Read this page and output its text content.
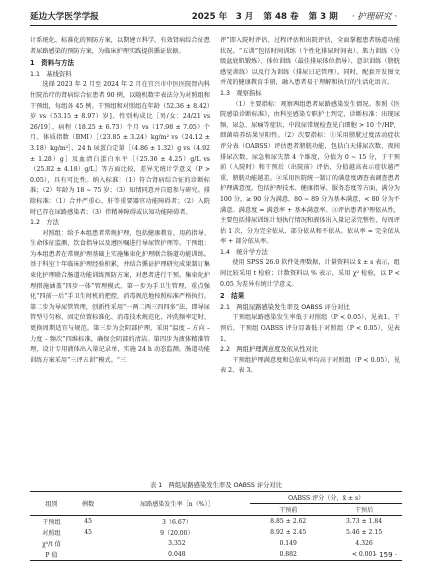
延边大学医学学报	2025 年　3 月 第 48 卷 第 3 期 · 护理研究 ·

计系统化、标准化的预防方案，以期建立科学、有效肾病综合征患者尿路感染的预防方案，为临床护理实践提供循证依据。

1　资料与方法
1.1　基线资料

选择 2023 年 2 月至 2024 年 2 月在宜兴市中医医院肾内科住院治疗的肾病综合征患者 90 例，以随机数字表法分为对照组和干预组，每组各 45 例。干预组和对照组在年龄（52.36 ± 8.42）岁 vs（53.15 ± 8.97）岁]、性别构成比［男/女：24/21 vs 26/19］、病程（18.25 ± 6.73）个月 vs（17.98 ± 7.05）个月、体质指数（BMI）［（23.85 ± 3.24）kg/m² vs（24.12 ± 3.18）kg/m²］、24 h 尿蛋白定量［（4.86 ± 1.32）g vs（4.92 ± 1.28）g］及血清白蛋白水平［（25.36 ± 4.25）g/L vs（25.82 ± 4.18）g/L］等方面比较，差异无统计学意义（P > 0.05），具有可比性。纳入标准：（1）符合肾病综合征的诊断标准；（2）年龄为 18 ~ 75 岁；（3）知情同意并自愿参与研究。排除标准：（1）合并严重心、肝等重要器官功能障碍者；（2）入院时已存在尿路感染者；（3）伴精神障碍或认知功能障碍者。

1.2　方法

对照组：给予本组患者常规护理，包括健康教育、用药指导、生命体征监测、饮食指导以及遵医嘱进行导尿管护理等。干预组：为本组患者在常规护理基础上实施集束化护理联合肠道功能训练。基于科室十年临床护理经验积累，并结合循证护理研究成果制订集束化护理联合肠道功能训练预防方案，对患者进行干预。集束化护理措施涵盖“四步一体”管理模式。第一步为手卫生管理，重点强化“四前一后”手卫生时机的把控，消毒规范地按照标准严格执行。第二步为导尿管管理，创新性采用“一两二两三四四多”法，即导尿管型号匀称、固定位置标准化、消毒技术规范化、冲洗频率定时、更换周期适宜与规范。第三步为会阴部护理，采用“温度 – 方向 – 力度 – 频次”四维标准，确保会阴部的清洁。第四步为液体精准管理，设计专用液体出入量记录单，实施 24 h 动态监测。肠道功能训练方案采用“三评五训”模式。“三

评”即入院时评估、过程评估和出院评估，全面掌握患者肠道功能状况。“五训”包括时间训练（个性化排尿时间表）、肌力训练（分级盆底肌锻炼）、体位训练（最佳排尿体位指导）、意识训练（膀胱感觉训练）以及行为训练（排尿日记管理）。同时，配套开发图文并茂的健康教育手册，融入患者易于理解和执行的生活化语言。

1.3　观察指标

（1）主要指标：观察两组患者尿路感染发生情况。参照《医院感染诊断标准》，由科室感染专职护士判定，诊断标准：出现尿频、尿急、尿痛等症状，中段尿常规检查见白细胞 > 10 个/HP，细菌培养结果呈阳性。（2）次要指标：①采用膀胱过度活动症状评分表（OABSS）评估患者膀胱功能，包括白天排尿次数、夜间排尿次数、尿急和尿失禁 4 个维度，分值为 0 ~ 15 分，于干预前（入院时）和干预后（出院前）评估，分值越高表示症状越严重、膀胱功能越差。②采用医院统一制订的满意度调查表调查患者护理满意度，包括护理技术、健康指导、服务态度等方面，满分为 100 分，≥ 90 分为满意，80 ~ 89 分为基本满意，< 80 分为不满意。满意度 = 满意率 + 基本满意率。③评估患者护理依从性，主要包括排尿训练计划执行情况和液体出入量记录完整性，每周评估 1 次，分为完全依从、部分依从和不依从。依从率 = 完全依从率 + 部分依从率。

1.4　统计学方法

使用 SPSS 26.0 软件处理数据，计量资料以 x̄ ± s 表示，组间比较采用 t 检验；计数资料以 % 表示，采用 χ² 检验，以 P < 0.05 为差异有统计学意义。

2　结果
2.1　两组尿路感染发生率及 OABSS 评分对比

干预组尿路感染发生率低于对照组（P < 0.05），见表1。干预后，干预组 OABSS 评分显著低于对照组（P < 0.05），见表1。

2.2　两组护理满意度及依从性对比

干预组护理满意度和总依从率均高于对照组（P < 0.05），见表 2、表 3。

表 1　两组尿路感染发生率及 OABSS 评分对比
组别	例数	尿路感染发生率［n（%）］	OABSS 评分（分，x̄ ± s）	
			干预前	干预后
干预组	45	3（6.67）	8.85 ± 2.62	3.73 ± 1.84
对照组	45	9（20.00）	8.92 ± 2.45	5.46 ± 2.15
χ²/t 值		3.352	0.149	4.326
P 值		0.048	0.882	< 0.001
· 159 ·
